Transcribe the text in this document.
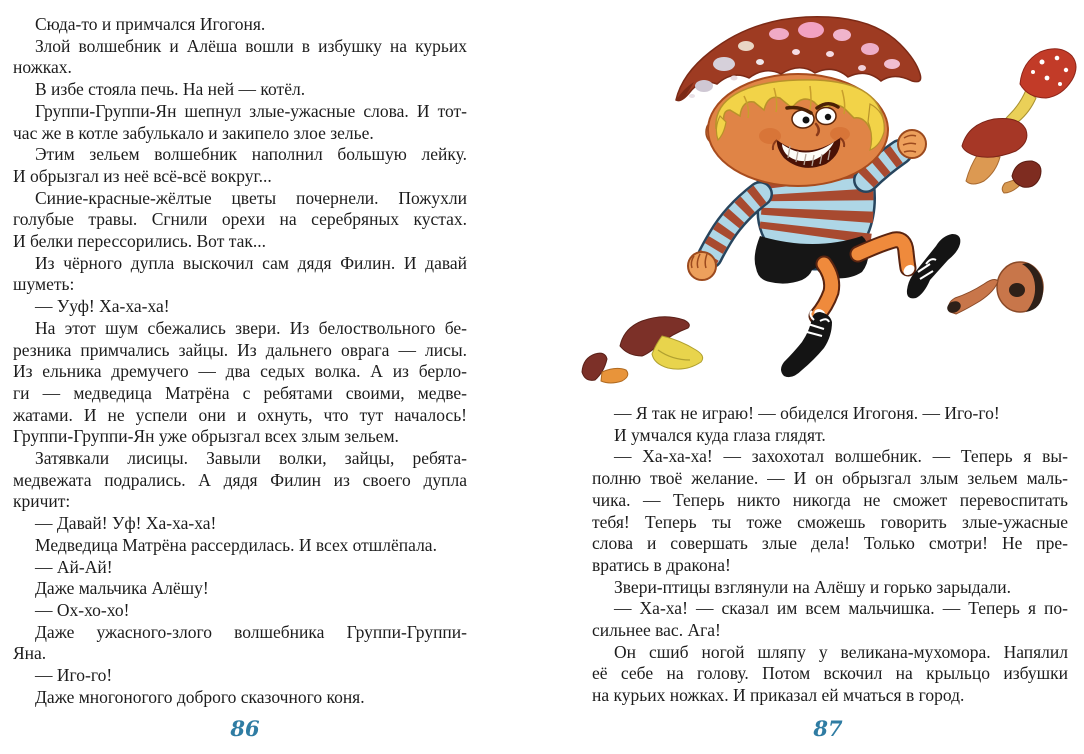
Сюда-то и примчался Игогоня.
Злой волшебник и Алёша вошли в избушку на курьих
ножках.
В избе стояла печь. На ней — котёл.
Группи-Группи-Ян шепнул злые-ужасные слова. И тот-
час же в котле забулькало и закипело злое зелье.
Этим зельем волшебник наполнил большую лейку.
И обрызгал из неё всё-всё вокруг...
Синие-красные-жёлтые цветы почернели. Пожухли
голубые травы. Сгнили орехи на серебряных кустах.
И белки перессорились. Вот так...
Из чёрного дупла выскочил сам дядя Филин. И давай
шуметь:
— Ууф! Ха-ха-ха!
На этот шум сбежались звери. Из белоствольного бе-
резника примчались зайцы. Из дальнего оврага — лисы.
Из ельника дремучего — два седых волка. А из берло-
ги — медведица Матрёна с ребятами своими, медве-
жатами. И не успели они и охнуть, что тут началось!
Группи-Группи-Ян уже обрызгал всех злым зельем.
Затявкали лисицы. Завыли волки, зайцы, ребята-
медвежата подрались. А дядя Филин из своего дупла
кричит:
— Давай! Уф! Ха-ха-ха!
Медведица Матрёна рассердилась. И всех отшлёпала.
— Ай-Ай!
Даже мальчика Алёшу!
— Ох-хо-хо!
Даже ужасного-злого волшебника Группи-Группи-
Яна.
— Иго-го!
Даже многоногого доброго сказочного коня.
— Я так не играю! — обиделся Игогоня. — Иго-го!
И умчался куда глаза глядят.
— Ха-ха-ха! — захохотал волшебник. — Теперь я вы-
полню твоё желание. — И он обрызгал злым зельем маль-
чика. — Теперь никто никогда не сможет перевоспитать
тебя! Теперь ты тоже сможешь говорить злые-ужасные
слова и совершать злые дела! Только смотри! Не пре-
вратись в дракона!
Звери-птицы взглянули на Алёшу и горько зарыдали.
— Ха-ха! — сказал им всем мальчишка. — Теперь я по-
сильнее вас. Ага!
Он сшиб ногой шляпу у великана-мухомора. Напялил
её себе на голову. Потом вскочил на крыльцо избушки
на курьих ножках. И приказал ей мчаться в город.
86	87
